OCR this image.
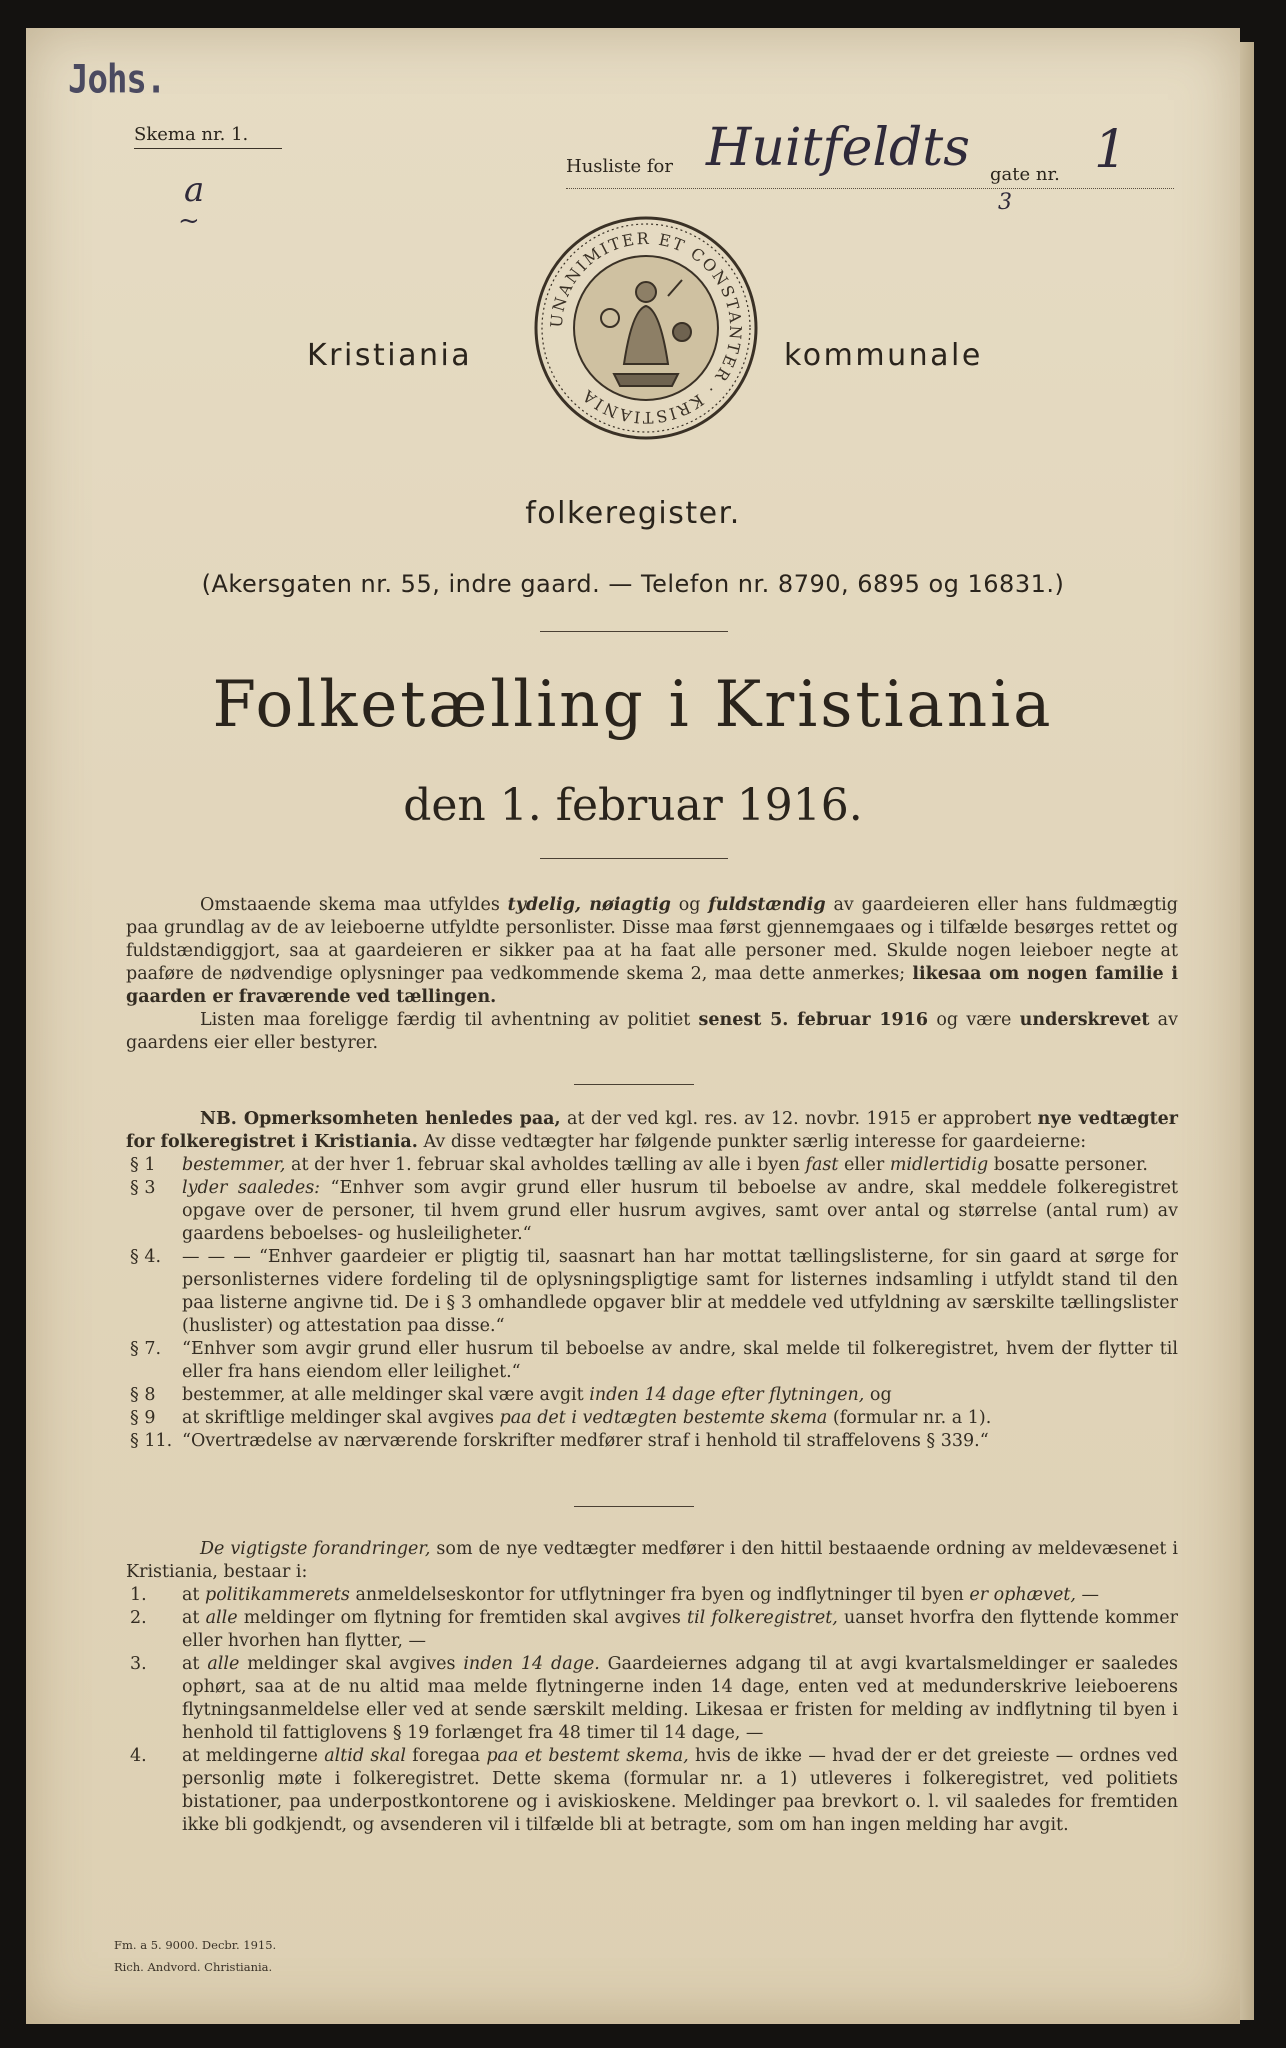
Johs.
Skema nr. 1.
a
~
Husliste for Huitfeldts gate nr. 1
3
Kristiania	kommunale
UNANIMITER ET CONSTANTER · KRISTIANIA
folkeregister.
(Akersgaten nr. 55, indre gaard. — Telefon nr. 8790, 6895 og 16831.)
Folketælling i Kristiania
den 1. februar 1916.

Omstaaende skema maa utfyldes tydelig, nøiagtig og fuldstændig av gaardeieren eller hans fuldmægtig paa grundlag av de av leieboerne utfyldte personlister. Disse maa først gjennemgaaes og i tilfælde besørges rettet og fuldstændiggjort, saa at gaardeieren er sikker paa at ha faat alle personer med. Skulde nogen leieboer negte at paaføre de nødvendige oplysninger paa vedkommende skema 2, maa dette anmerkes; likesaa om nogen familie i gaarden er fraværende ved tællingen.

Listen maa foreligge færdig til avhentning av politiet senest 5. februar 1916 og være underskrevet av gaardens eier eller bestyrer.

NB. Opmerksomheten henledes paa, at der ved kgl. res. av 12. novbr. 1915 er approbert nye vedtægter for folkeregistret i Kristiania. Av disse vedtægter har følgende punkter særlig interesse for gaardeierne:

§ 1 bestemmer, at der hver 1. februar skal avholdes tælling av alle i byen fast eller midlertidig bosatte personer.

§ 3 lyder saaledes: “Enhver som avgir grund eller husrum til beboelse av andre, skal meddele folkeregistret opgave over de personer, til hvem grund eller husrum avgives, samt over antal og størrelse (antal rum) av gaardens beboelses- og husleiligheter.“

§ 4. — — — “Enhver gaardeier er pligtig til, saasnart han har mottat tællingslisterne, for sin gaard at sørge for personlisternes videre fordeling til de oplysningspligtige samt for listernes indsamling i utfyldt stand til den paa listerne angivne tid. De i § 3 omhandlede opgaver blir at meddele ved utfyldning av særskilte tællingslister (huslister) og attestation paa disse.“

§ 7. “Enhver som avgir grund eller husrum til beboelse av andre, skal melde til folkeregistret, hvem der flytter til eller fra hans eiendom eller leilighet.“

§ 8 bestemmer, at alle meldinger skal være avgit inden 14 dage efter flytningen, og

§ 9 at skriftlige meldinger skal avgives paa det i vedtægten bestemte skema (formular nr. a 1).

§ 11. “Overtrædelse av nærværende forskrifter medfører straf i henhold til straffelovens § 339.“

De vigtigste forandringer, som de nye vedtægter medfører i den hittil bestaaende ordning av meldevæsenet i Kristiania, bestaar i:

1. at politikammerets anmeldelseskontor for utflytninger fra byen og indflytninger til byen er ophævet, —

2. at alle meldinger om flytning for fremtiden skal avgives til folkeregistret, uanset hvorfra den flyttende kommer eller hvorhen han flytter, —

3. at alle meldinger skal avgives inden 14 dage. Gaardeiernes adgang til at avgi kvartalsmeldinger er saaledes ophørt, saa at de nu altid maa melde flytningerne inden 14 dage, enten ved at medunderskrive leieboerens flytningsanmeldelse eller ved at sende særskilt melding. Likesaa er fristen for melding av indflytning til byen i henhold til fattiglovens § 19 forlænget fra 48 timer til 14 dage, —

4. at meldingerne altid skal foregaa paa et bestemt skema, hvis de ikke — hvad der er det greieste — ordnes ved personlig møte i folkeregistret. Dette skema (formular nr. a 1) utleveres i folkeregistret, ved politiets bistationer, paa underpostkontorene og i aviskioskene. Meldinger paa brevkort o. l. vil saaledes for fremtiden ikke bli godkjendt, og avsenderen vil i tilfælde bli at betragte, som om han ingen melding har avgit.

Fm. a 5. 9000. Decbr. 1915.
Rich. Andvord. Christiania.
